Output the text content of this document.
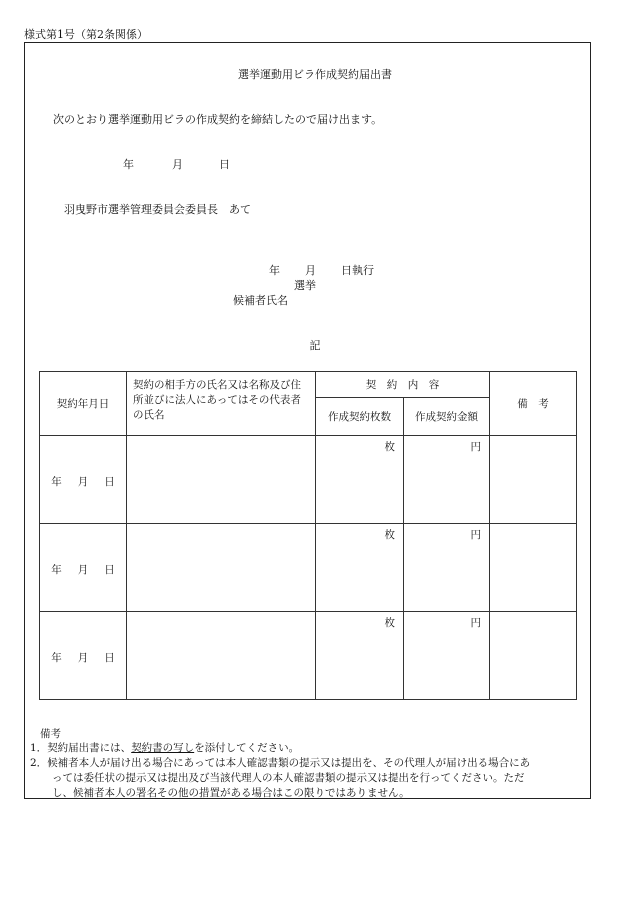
様式第1号（第2条関係）
選挙運動用ビラ作成契約届出書
次のとおり選挙運動用ビラの作成契約を締結したので届け出ます。
年	月	日
羽曳野市選挙管理委員会委員長　あて
年 月 日執行
選挙
候補者氏名
記
契約年月日	契約の相手方の氏名又は名称及び住所並びに法人にあってはその代表者の氏名	契　約　内　容		備　考
		作成契約枚数	作成契約金額	

年 月 日		枚	円	

年 月 日		枚	円	

年 月 日		枚	円	
備考
1．契約届出書には、契約書の写しを添付してください。
2．候補者本人が届け出る場合にあっては本人確認書類の提示又は提出を、その代理人が届け出る場合にあ
っては委任状の提示又は提出及び当該代理人の本人確認書類の提示又は提出を行ってください。ただ
し、候補者本人の署名その他の措置がある場合はこの限りではありません。
